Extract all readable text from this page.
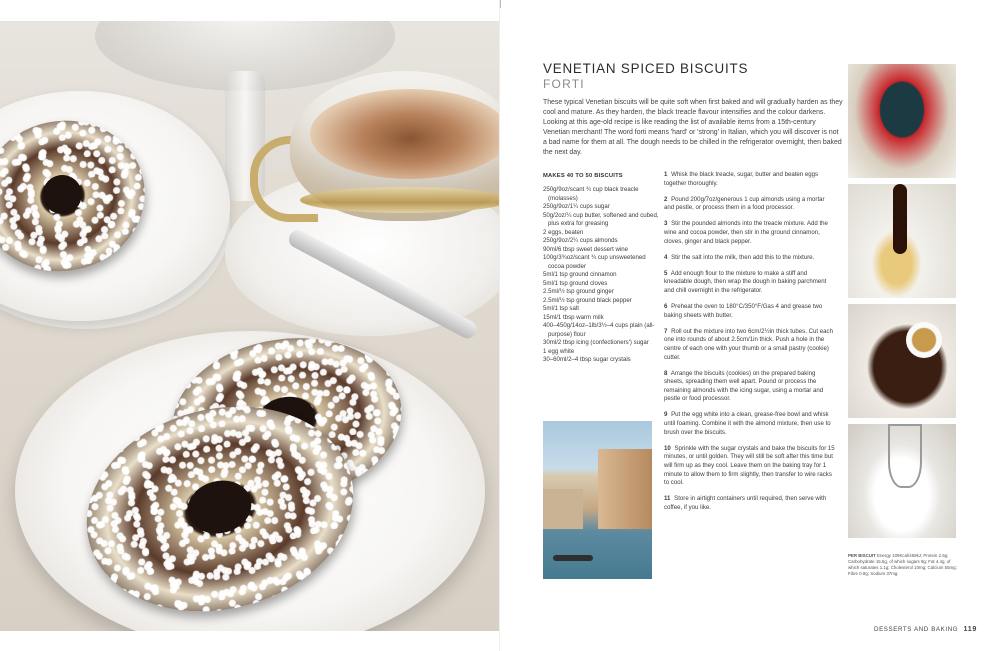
VENETIAN SPICED BISCUITS
FORTI

These typical Venetian biscuits will be quite soft when first baked and will gradually harden as they cool and mature. As they harden, the black treacle flavour intensifies and the colour darkens. Looking at this age-old recipe is like reading the list of available items from a 15th-century Venetian merchant! The word forti means 'hard' or 'strong' in Italian, which you will discover is not a bad name for them at all. The dough needs to be chilled in the refrigerator overnight, then baked the next day.

MAKES 40 TO 50 BISCUITS
250g/9oz/scant ¾ cup black treacle (molasses)
250g/9oz/1¼ cups sugar
50g/2oz/¼ cup butter, softened and cubed, plus extra for greasing
2 eggs, beaten
250g/9oz/2¼ cups almonds
90ml/6 tbsp sweet dessert wine
100g/3¾oz/scant ¾ cup unsweetened cocoa powder
5ml/1 tsp ground cinnamon
5ml/1 tsp ground cloves
2.5ml/½ tsp ground ginger
2.5ml/½ tsp ground black pepper
5ml/1 tsp salt
15ml/1 tbsp warm milk
400–450g/14oz–1lb/3½–4 cups plain (all-purpose) flour
30ml/2 tbsp icing (confectioners') sugar
1 egg white
30–60ml/2–4 tbsp sugar crystals
1 Whisk the black treacle, sugar, butter and beaten eggs together thoroughly.
2 Pound 200g/7oz/generous 1 cup almonds using a mortar and pestle, or process them in a food processor.
3 Stir the pounded almonds into the treacle mixture. Add the wine and cocoa powder, then stir in the ground cinnamon, cloves, ginger and black pepper.
4 Stir the salt into the milk, then add this to the mixture.
5 Add enough flour to the mixture to make a stiff and kneadable dough, then wrap the dough in baking parchment and chill overnight in the refrigerator.
6 Preheat the oven to 180°C/350°F/Gas 4 and grease two baking sheets with butter.
7 Roll out the mixture into two 6cm/2½in thick tubes. Cut each one into rounds of about 2.5cm/1in thick. Push a hole in the centre of each one with your thumb or a small pastry (cookie) cutter.
8 Arrange the biscuits (cookies) on the prepared baking sheets, spreading them well apart. Pound or process the remaining almonds with the icing sugar, using a mortar and pestle or food processor.
9 Put the egg white into a clean, grease-free bowl and whisk until foaming. Combine it with the almond mixture, then use to brush over the biscuits.
10 Sprinkle with the sugar crystals and bake the biscuits for 15 minutes, or until golden. They will still be soft after this time but will firm up as they cool. Leave them on the baking tray for 1 minute to allow them to firm slightly, then transfer to wire racks to cool.
11 Store in airtight containers until required, then serve with coffee, if you like.
PER BISCUIT Energy 109Kcal/459kJ; Protein 2.6g; Carbohydrate 15.5g, of which sugars 9g; Fat 4.4g, of which saturates 1.1g; Cholesterol 10mg; Calcium 55mg; Fibre 0.9g; Sodium 37mg.
DESSERTS AND BAKING 119
